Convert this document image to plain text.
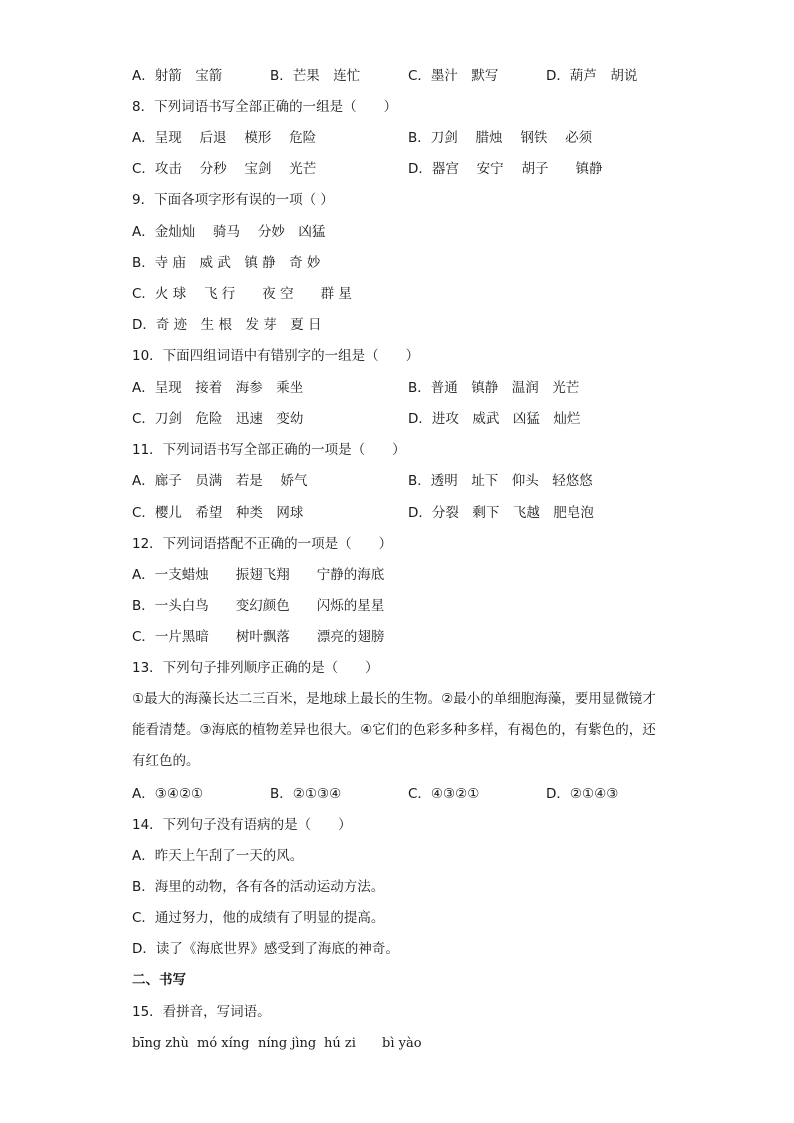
A．射箭　宝箭	B．芒果　连忙	C．墨汁　默写	D．葫芦　胡说
8．下列词语书写全部正确的一组是（　　）
A．呈现　 后退　 模形　 危险	B．刀剑　 腊烛　 钢铁　 必须
C．攻击　 分秒　 宝剑　 光芒	D．器宫　 安宁　 胡子　　镇静
9．下面各项字形有误的一项（ ）
A．金灿灿　 骑马　 分妙　凶猛
B．寺 庙　威 武　镇 静　奇 妙
C．火 球　 飞 行　　夜 空　　群 星
D．奇 迹　生 根　发 芽　夏 日
10．下面四组词语中有错别字的一组是（　　）
A．呈现　接着　海参　乘坐	B．普通　镇静　温润　光芒
C．刀剑　危险　迅速　变幼	D．进攻　威武　凶猛　灿烂
11．下列词语书写全部正确的一项是（　　）
A．廊子　员满　若是　 娇气	B．透明　址下　仰头　轻悠悠
C．樱儿　希望　种类　网球	D．分裂　剩下　飞越　肥皂泡
12．下列词语搭配不正确的一项是（　　）
A．一支蜡烛　　振翅飞翔　　宁静的海底
B．一头白鸟　　变幻颜色　　闪烁的星星
C．一片黑暗　　树叶飘落　　漂亮的翅膀
13．下列句子排列顺序正确的是（　　）
①最大的海藻长达二三百米，是地球上最长的生物。②最小的单细胞海藻，要用显微镜才能看清楚。③海底的植物差异也很大。④它们的色彩多种多样，有褐色的，有紫色的，还有红色的。
A．③④②①	B．②①③④	C．④③②①	D．②①④③
14．下列句子没有语病的是（　　）
A．昨天上午刮了一天的风。
B．海里的动物，各有各的活动运动方法。
C．通过努力，他的成绩有了明显的提高。
D．读了《海底世界》感受到了海底的神奇。
二、书写
15．看拼音，写词语。
bīng zhù mó xíng níng jìng hú zi bì yào
